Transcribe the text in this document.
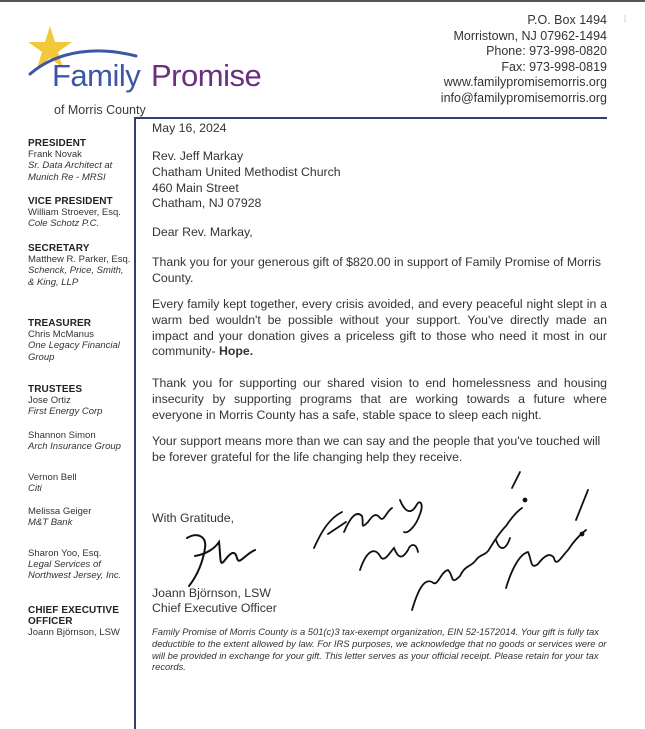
|
Family Promise
of Morris County
P.O. Box 1494
Morristown, NJ 07962-1494
Phone: 973-998-0820
Fax: 973-998-0819
www.familypromisemorris.org
info@familypromisemorris.org
PRESIDENT
Frank Novak
Sr. Data Architect at Munich Re - MRSI
VICE PRESIDENT
William Stroever, Esq.
Cole Schotz P.C.
SECRETARY
Matthew R. Parker, Esq.
Schenck, Price, Smith, & King, LLP
TREASURER
Chris McManus
One Legacy Financial Group
TRUSTEES
Jose Ortiz
First Energy Corp
Shannon Simon
Arch Insurance Group
Vernon Bell
Citi
Melissa Geiger
M&T Bank
Sharon Yoo, Esq.
Legal Services of Northwest Jersey, Inc.
CHIEF EXECUTIVE OFFICER
Joann Björnson, LSW
May 16, 2024
Rev. Jeff Markay
Chatham United Methodist Church
460 Main Street
Chatham, NJ 07928
Dear Rev. Markay,

Thank you for your generous gift of $820.00 in support of Family Promise of Morris County.

Every family kept together, every crisis avoided, and every peaceful night slept in a warm bed wouldn't be possible without your support. You've directly made an impact and your donation gives a priceless gift to those who need it most in our community- Hope.

Thank you for supporting our shared vision to end homelessness and housing insecurity by supporting programs that are working towards a future where everyone in Morris County has a safe, stable space to sleep each night.

Your support means more than we can say and the people that you've touched will be forever grateful for the life changing help they receive.

With Gratitude,
Joann Björnson, LSW
Chief Executive Officer
Family Promise of Morris County is a 501(c)3 tax-exempt organization, EIN 52-1572014. Your gift is fully tax deductible to the extent allowed by law. For IRS purposes, we acknowledge that no goods or services were or will be provided in exchange for your gift. This letter serves as your official receipt. Please retain for your tax records.
